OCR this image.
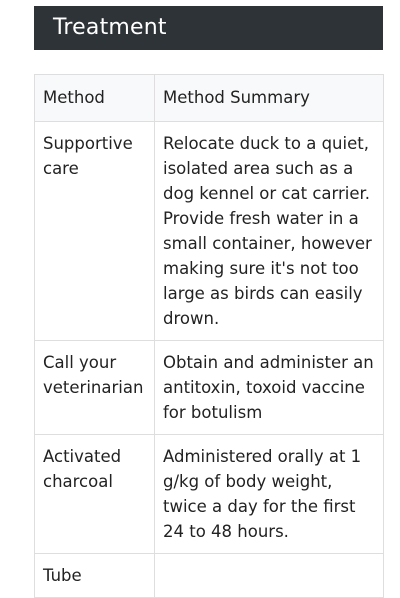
Treatment
Method	Method Summary
Supportive care	Relocate duck to a quiet, isolated area such as a dog kennel or cat carrier. Provide fresh water in a small container, however making sure it's not too large as birds can easily drown.
Call your veterinarian	Obtain and administer an antitoxin, toxoid vaccine for botulism
Activated charcoal	Administered orally at 1 g/kg of body weight, twice a day for the first 24 to 48 hours.
Tube	
